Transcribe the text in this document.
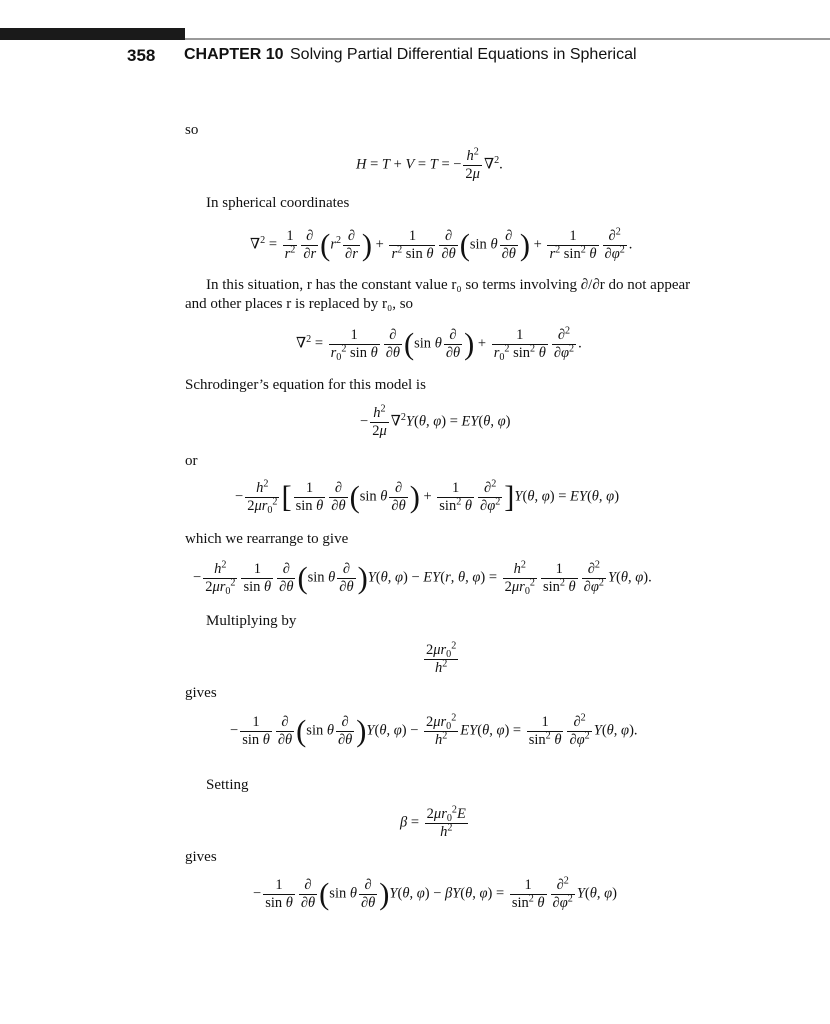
358 CHAPTER 10 Solving Partial Differential Equations in Spherical
so
H = T + V = T = − $\frac{h^2}{2\mu} \nabla^2$.
In spherical coordinates
$\nabla^2 = \frac{1}{r^2} \frac{\partial}{\partial r} (r^2 \frac{\partial}{\partial r}$ ) + $\frac{1}{r^2 \sin \theta} \frac{\partial}{\partial\theta} (\sin$ θ $\frac{\partial}{\partial\theta}$ ) + $\frac{1}{r^2 \sin^2 \theta} \frac{\partial^2}{\partial\varphi^2}$ .
In this situation, r has the constant value r₀ so terms involving ∂/∂r do not appear
and other places r is replaced by r₀, so
$\nabla^2 = \frac{1}{r_0^2 \sin \theta} \frac{\partial}{\partial\theta} (\sin$ θ $\frac{\partial}{\partial\theta}$ ) + $\frac{1}{r_0^2 \sin^2 \theta} \frac{\partial^2}{\partial\varphi^2}$ .
Schrodinger’s equation for this model is
− $\frac{h^2}{2\mu} \nabla^2Y(\theta$, φ) = EY(θ, φ)
or
− $\frac{h^2}{2\mu r_0^2}$ [ $\frac{1}{\text{sin θ}} \frac{\partial}{\partial\theta} (\sin$ θ $\frac{\partial}{\partial\theta}$ ) + $\frac{1}{\sin^2 \theta} \frac{\partial^2}{\partial\varphi^2} ]Y(\theta$, φ) = EY(θ, φ)
which we rearrange to give
− $\frac{h^2}{2\mu r_0^2} \frac{1}{\text{sin θ}} \frac{\partial}{\partial\theta} (\sin$ θ $\frac{\partial}{\partial\theta} )Y(\theta$, φ) − EY(r, θ, $\varphi) = \frac{h^2}{2\mu r_0^2} \frac{1}{\sin^2 \theta} \frac{\partial^2}{\partial\varphi^2} Y(\theta$, φ).
Multiplying by
$\frac{2\mu r_0^2}{h^2}$
gives
− $\frac{1}{\text{sin θ}} \frac{\partial}{\partial\theta} (\sin$ θ $\frac{\partial}{\partial\theta} )Y(\theta$, $\varphi) - \frac{2\mu r_0^2}{h^2} EY(\theta$, $\varphi) = \frac{1}{\sin^2 \theta} \frac{\partial^2}{\partial\varphi^2} Y(\theta$, φ).
Setting
$\beta = \frac{2\mu r_0^2E}{h^2}$
gives
− $\frac{1}{\text{sin θ}} \frac{\partial}{\partial\theta} (\sin$ θ $\frac{\partial}{\partial\theta} )Y(\theta$, φ) − βY(θ, $\varphi) = \frac{1}{\sin^2 \theta} \frac{\partial^2}{\partial\varphi^2} Y(\theta$, φ)
